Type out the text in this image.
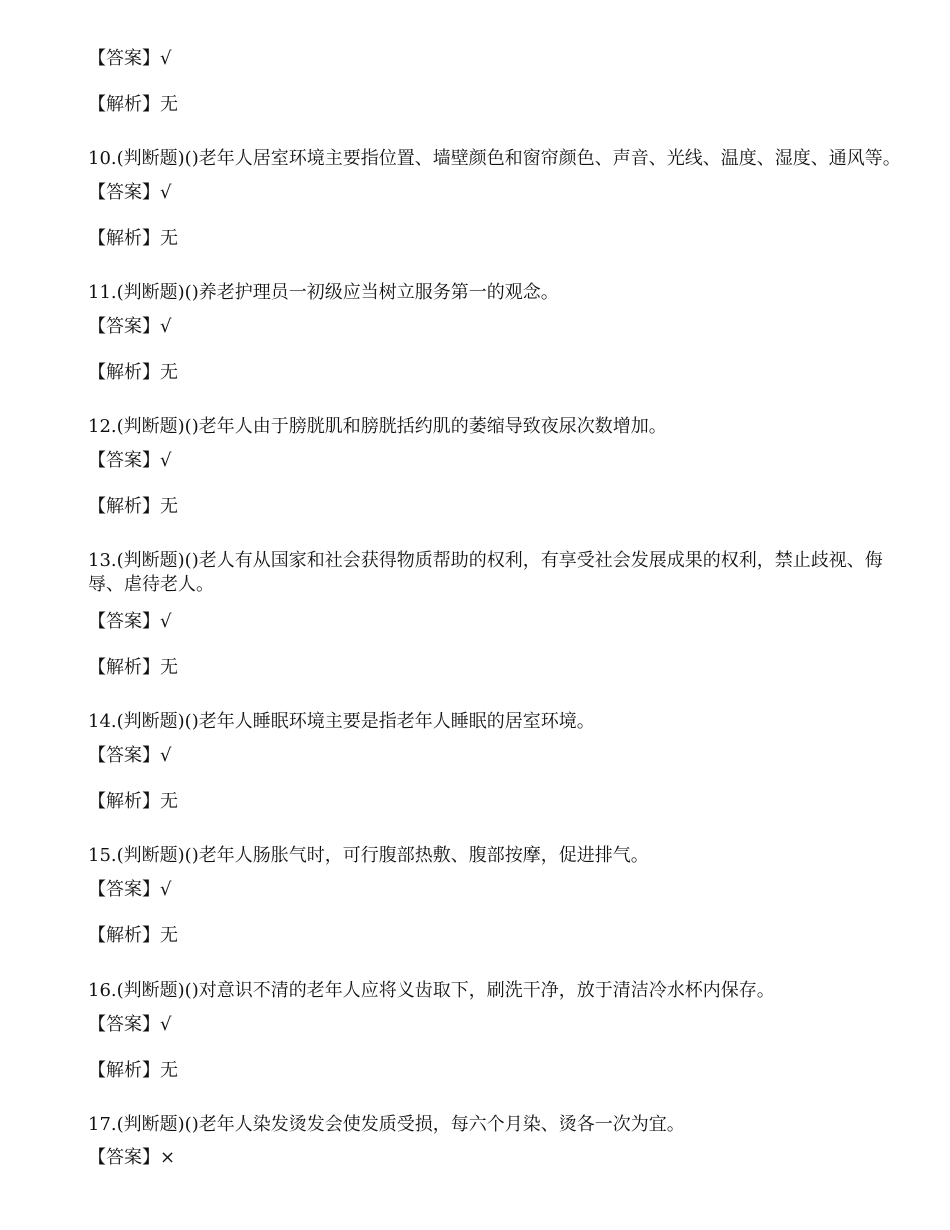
【答案】√
【解析】无
10.(判断题)()老年人居室环境主要指位置、墙壁颜色和窗帘颜色、声音、光线、温度、湿度、通风等。
【答案】√
【解析】无
11.(判断题)()养老护理员一初级应当树立服务第一的观念。
【答案】√
【解析】无
12.(判断题)()老年人由于膀胱肌和膀胱括约肌的萎缩导致夜尿次数增加。
【答案】√
【解析】无
13.(判断题)()老人有从国家和社会获得物质帮助的权利，有享受社会发展成果的权利，禁止歧视、侮辱、虐待老人。
【答案】√
【解析】无
14.(判断题)()老年人睡眠环境主要是指老年人睡眠的居室环境。
【答案】√
【解析】无
15.(判断题)()老年人肠胀气时，可行腹部热敷、腹部按摩，促进排气。
【答案】√
【解析】无
16.(判断题)()对意识不清的老年人应将义齿取下，刷洗干净，放于清洁冷水杯内保存。
【答案】√
【解析】无
17.(判断题)()老年人染发烫发会使发质受损，每六个月染、烫各一次为宜。
【答案】×
